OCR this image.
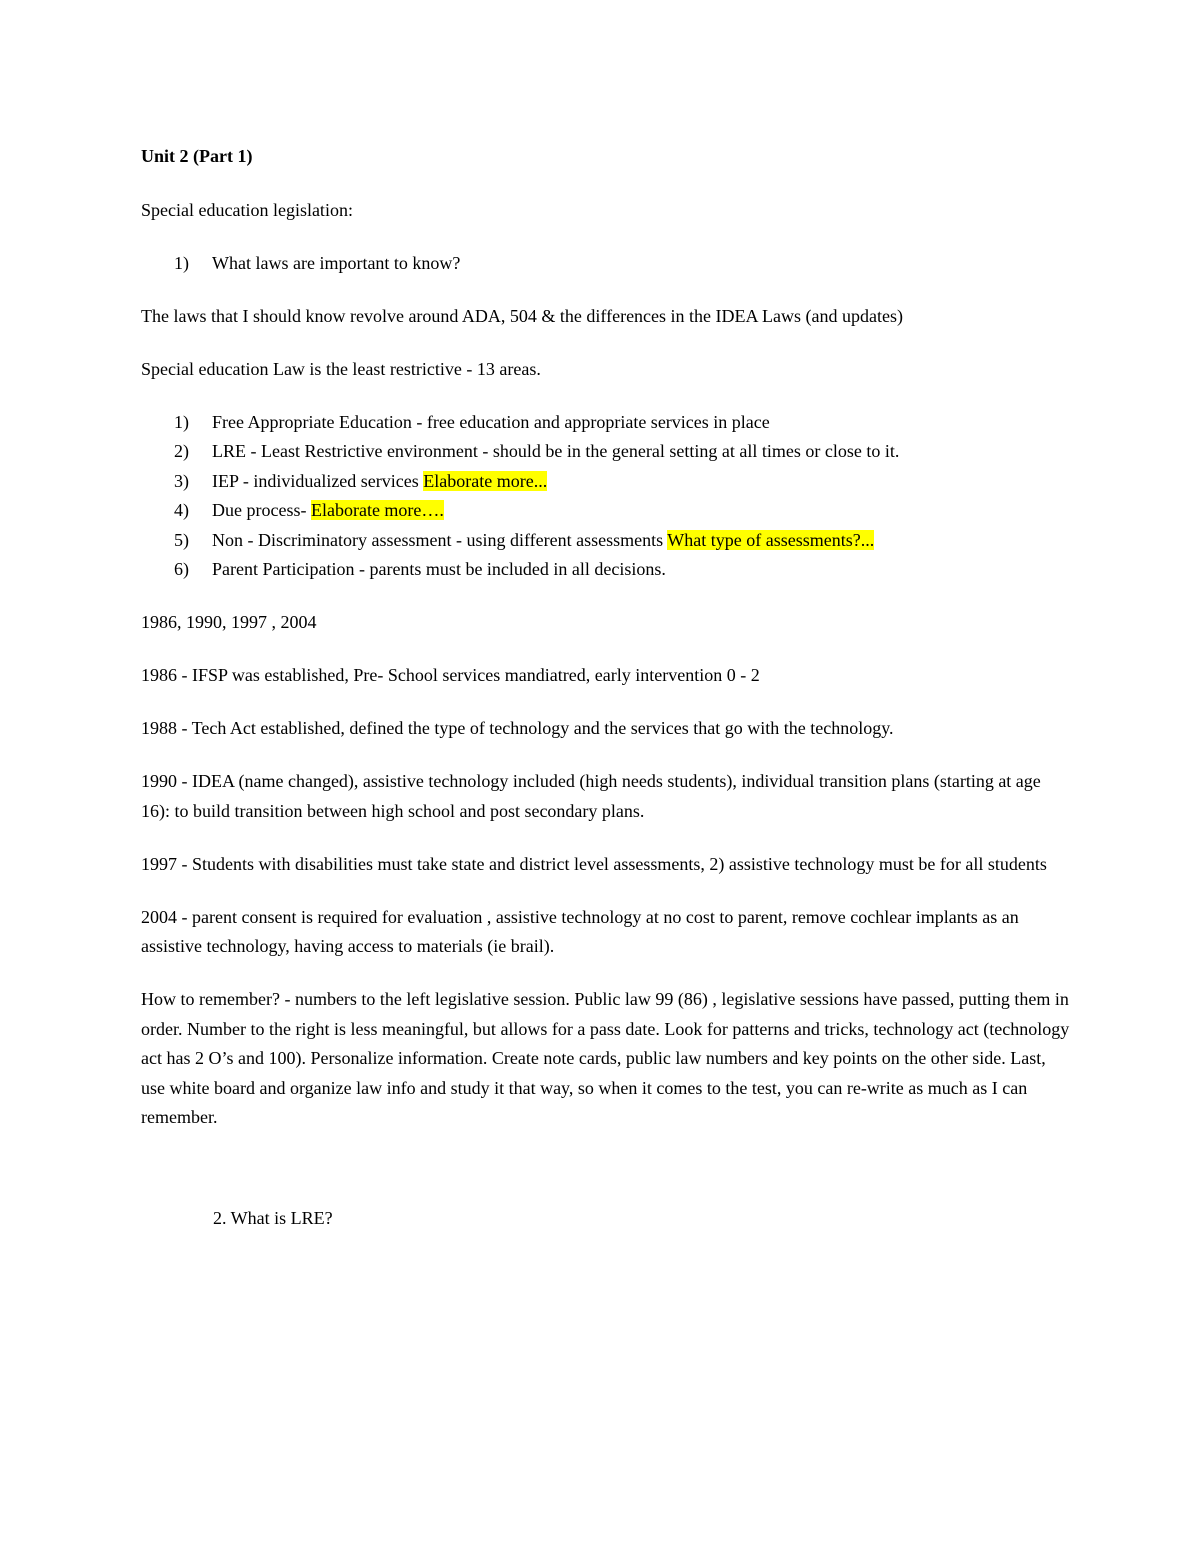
Unit 2 (Part 1)

Special education legislation:

1) What laws are important to know?

The laws that I should know revolve around ADA, 504 & the differences in the IDEA Laws (and updates)

Special education Law is the least restrictive - 13 areas.

1) Free Appropriate Education - free education and appropriate services in place
2) LRE - Least Restrictive environment - should be in the general setting at all times or close to it.
3) IEP - individualized services Elaborate more...
4) Due process- Elaborate more….
5) Non - Discriminatory assessment - using different assessments What type of assessments?...
6) Parent Participation - parents must be included in all decisions.

1986, 1990, 1997 , 2004

1986 - IFSP was established, Pre- School services mandiatred, early intervention 0 - 2

1988 - Tech Act established, defined the type of technology and the services that go with the technology.

1990 - IDEA (name changed), assistive technology included (high needs students), individual transition plans (starting at age 16): to build transition between high school and post secondary plans.

1997 - Students with disabilities must take state and district level assessments, 2) assistive technology must be for all students

2004 - parent consent is required for evaluation , assistive technology at no cost to parent, remove cochlear implants as an assistive technology, having access to materials (ie brail).

How to remember? - numbers to the left legislative session. Public law 99 (86) , legislative sessions have passed, putting them in order. Number to the right is less meaningful, but allows for a pass date. Look for patterns and tricks, technology act (technology act has 2 O’s and 100). Personalize information. Create note cards, public law numbers and key points on the other side. Last, use white board and organize law info and study it that way, so when it comes to the test, you can re-write as much as I can remember.

2. What is LRE?
